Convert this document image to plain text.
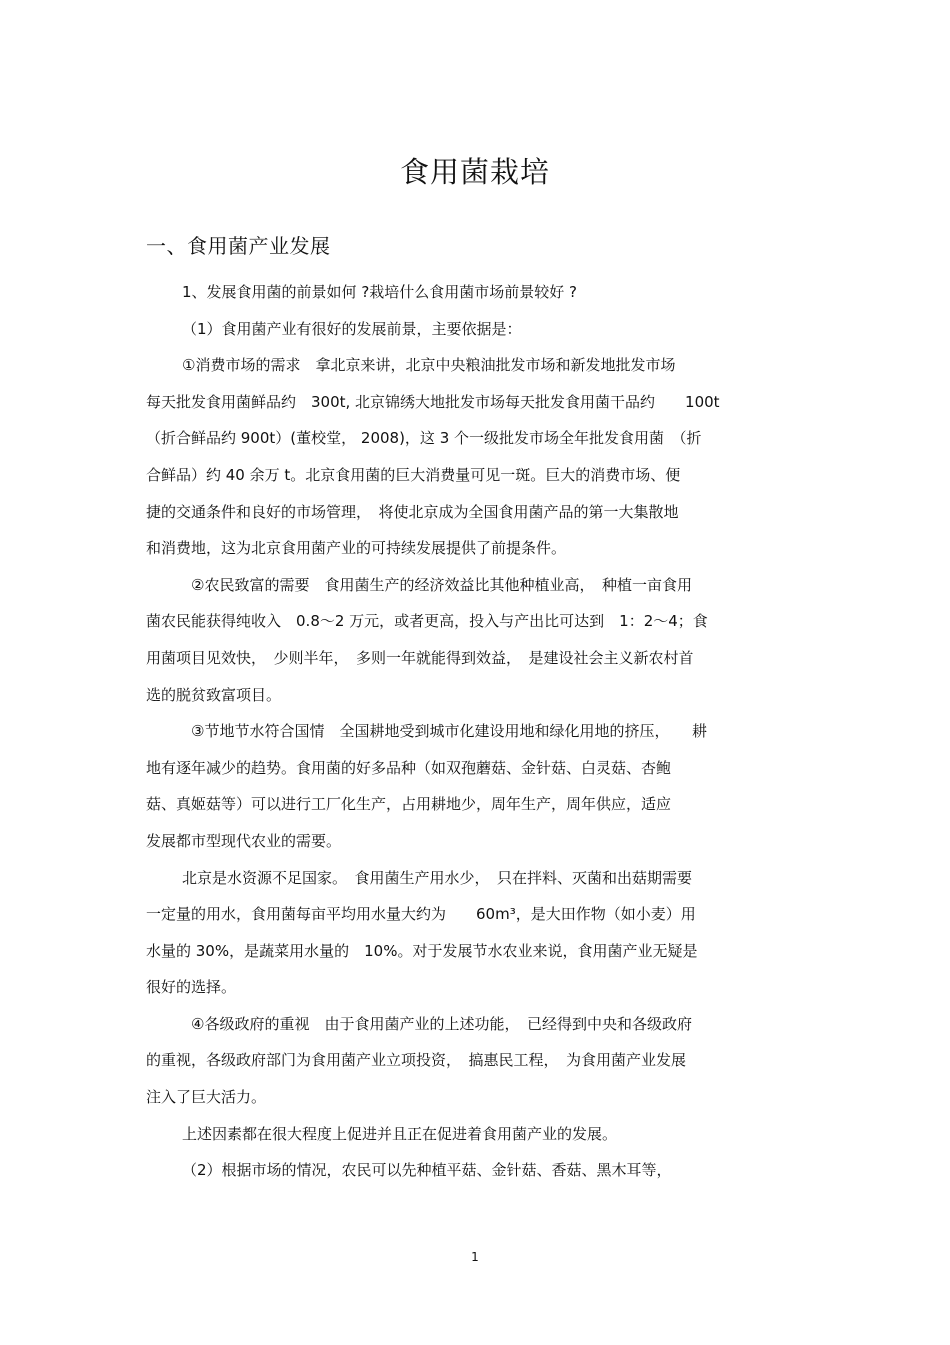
食用菌栽培
一、食用菌产业发展
1、发展食用菌的前景如何 ?栽培什么食用菌市场前景较好 ?
（1）食用菌产业有很好的发展前景，主要依据是：
①消费市场的需求　拿北京来讲，北京中央粮油批发市场和新发地批发市场
每天批发食用菌鲜品约　300t, 北京锦绣大地批发市场每天批发食用菌干品约　　100t
（折合鲜品约 900t）(董校堂， 2008)，这 3 个一级批发市场全年批发食用菌　（折
合鲜品）约 40 余万 t。北京食用菌的巨大消费量可见一斑。巨大的消费市场、便
捷的交通条件和良好的市场管理，　将使北京成为全国食用菌产品的第一大集散地
和消费地，这为北京食用菌产业的可持续发展提供了前提条件。
②农民致富的需要　食用菌生产的经济效益比其他种植业高，　种植一亩食用
菌农民能获得纯收入　0.8～2 万元，或者更高，投入与产出比可达到　1：2～4；食
用菌项目见效快，　少则半年，　多则一年就能得到效益，　是建设社会主义新农村首
选的脱贫致富项目。
③节地节水符合国情　全国耕地受到城市化建设用地和绿化用地的挤压，　　耕
地有逐年减少的趋势。食用菌的好多品种（如双孢蘑菇、金针菇、白灵菇、杏鲍
菇、真姬菇等）可以进行工厂化生产，占用耕地少，周年生产，周年供应，适应
发展都市型现代农业的需要。
北京是水资源不足国家。　食用菌生产用水少，　只在拌料、灭菌和出菇期需要
一定量的用水，食用菌每亩平均用水量大约为　　60m³，是大田作物（如小麦）用
水量的 30%，是蔬菜用水量的　10%。对于发展节水农业来说，食用菌产业无疑是
很好的选择。
④各级政府的重视　由于食用菌产业的上述功能，　已经得到中央和各级政府
的重视，各级政府部门为食用菌产业立项投资，　搞惠民工程，　为食用菌产业发展
注入了巨大活力。
上述因素都在很大程度上促进并且正在促进着食用菌产业的发展。
（2）根据市场的情况，农民可以先种植平菇、金针菇、香菇、黑木耳等，
1
